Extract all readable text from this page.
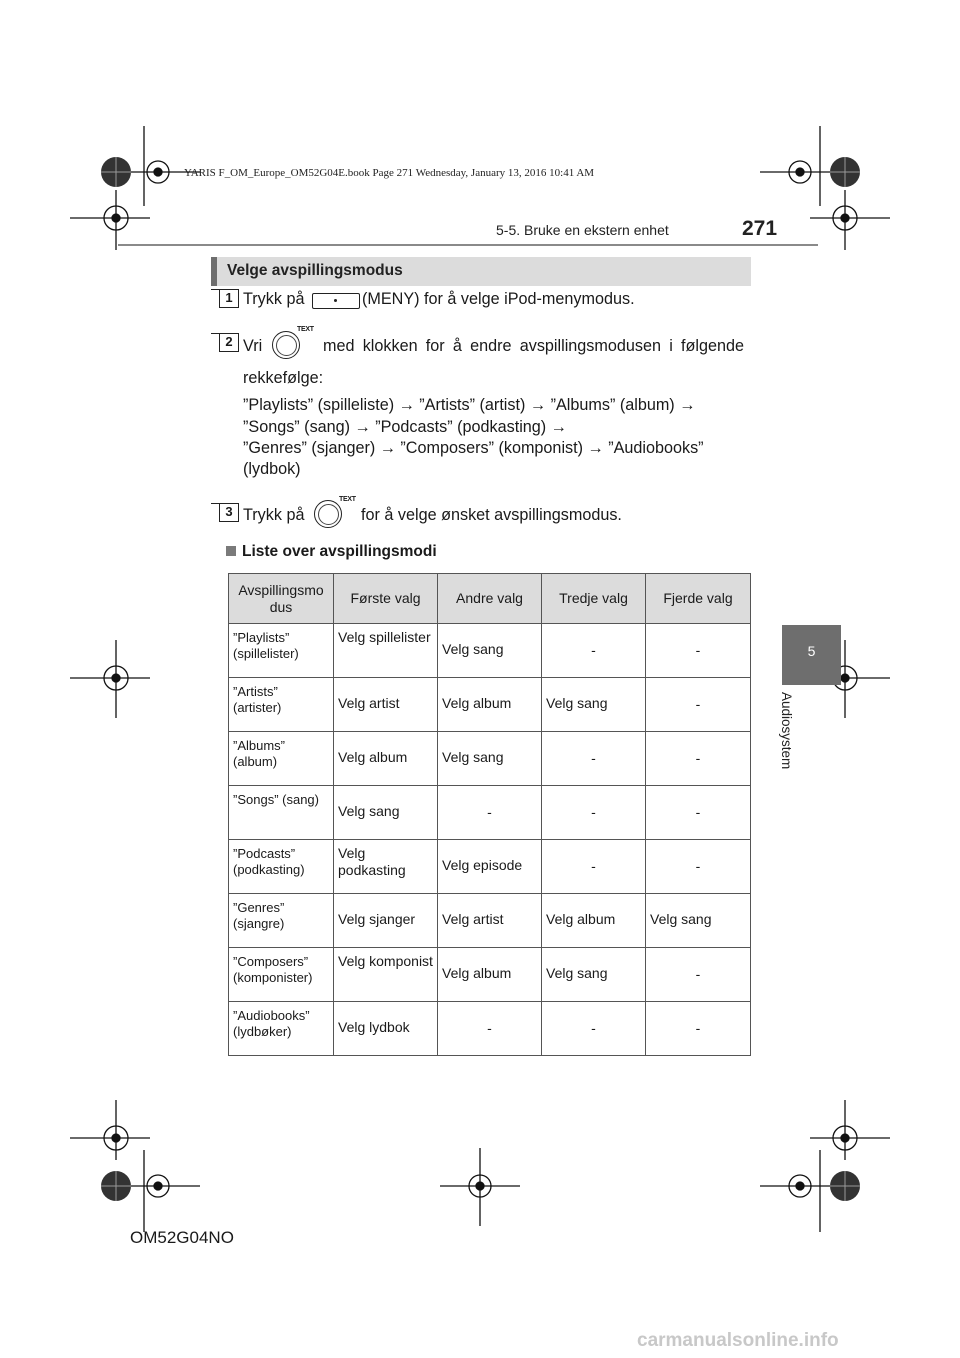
YARIS F_OM_Europe_OM52G04E.book Page 271 Wednesday, January 13, 2016 10:41 AM
5-5. Bruke en ekstern enhet	271
Velge avspillingsmodus
1 Trykk på	(MENY) for å velge iPod-menymodus.
2 Vri
TEXT
med klokken for å endre avspillingsmodusen i følgende
rekkefølge:
”Playlists” (spilleliste) → ”Artists” (artist) → ”Albums” (album) →
”Songs” (sang) → ”Podcasts” (podkasting) →
”Genres” (sjanger) → ”Composers” (komponist) → ”Audiobooks”
(lydbok)
3 Trykk på
TEXT
for å velge ønsket avspillingsmodus.
Liste over avspillingsmodi
Avspillingsmo dus	Første valg	Andre valg	Tredje valg	Fjerde valg
”Playlists” (spillelister)	Velg spillelister	Velg sang	-	-
”Artists” (artister)	Velg artist	Velg album	Velg sang	-
”Albums” (album)	Velg album	Velg sang	-	-
”Songs” (sang)	Velg sang	-	-	-
”Podcasts” (podkasting)	Velg podkasting	Velg episode	-	-
”Genres” (sjangre)	Velg sjanger	Velg artist	Velg album	Velg sang
”Composers” (komponister)	Velg komponist	Velg album	Velg sang	-
”Audiobooks” (lydbøker)	Velg lydbok	-	-	-
5
Audiosystem
OM52G04NO
carmanualsonline.info
